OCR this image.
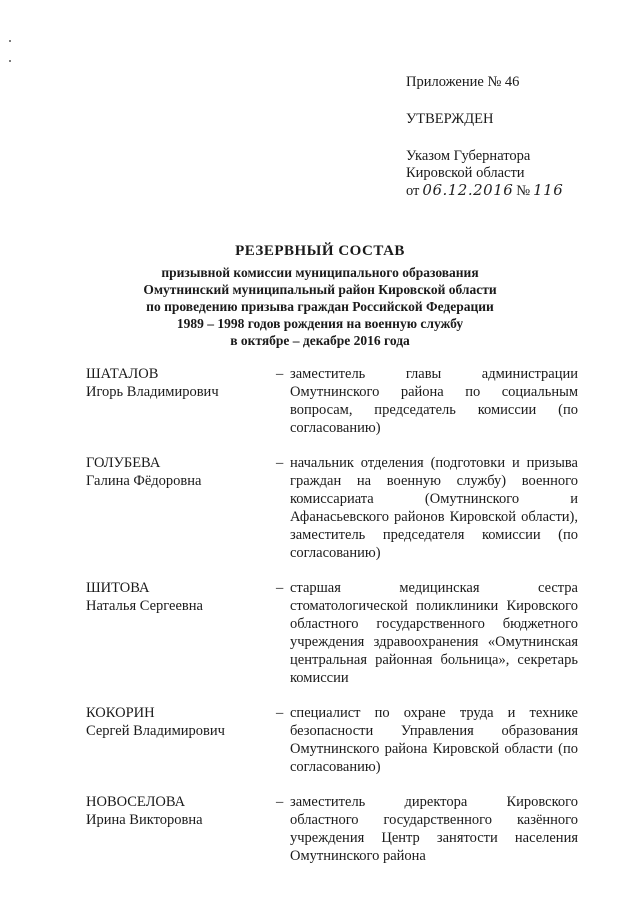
Приложение № 46

УТВЕРЖДЕН

Указом Губернатора

Кировской области

от 06.12.2016 № 116

РЕЗЕРВНЫЙ СОСТАВ

призывной комиссии муниципального образования

Омутнинский муниципальный район Кировской области

по проведению призыва граждан Российской Федерации

1989 – 1998 годов рождения на военную службу

в октябре – декабре 2016 года

ШАТАЛОВ
Игорь Владимирович
– заместитель главы администрации Омутнинского района по социальным вопросам, председатель комиссии (по согласованию)
ГОЛУБЕВА
Галина Фёдоровна
– начальник отделения (подготовки и призыва граждан на военную службу) военного комиссариата (Омутнинского и Афанасьевского районов Кировской области), заместитель председателя комиссии (по согласованию)
ШИТОВА
Наталья Сергеевна
– старшая медицинская сестра стоматологической поликлиники Кировского областного государственного бюджетного учреждения здравоохранения «Омутнинская центральная районная больница», секретарь комиссии
КОКОРИН
Сергей Владимирович
– специалист по охране труда и технике безопасности Управления образования Омутнинского района Кировской области (по согласованию)
НОВОСЕЛОВА
Ирина Викторовна
– заместитель директора Кировского областного государственного казённого учреждения Центр занятости населения Омутнинского района
